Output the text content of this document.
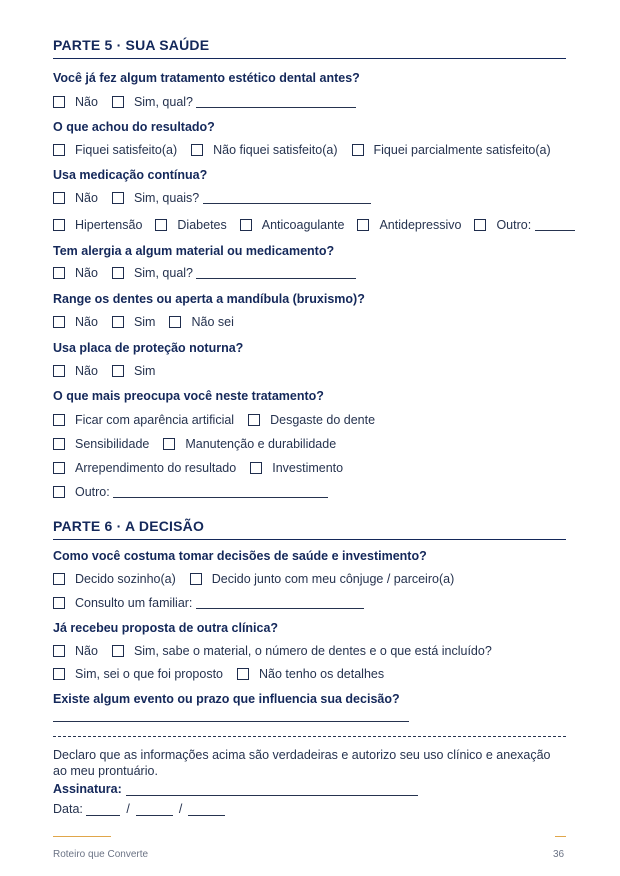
PARTE 5 · SUA SAÚDE
Você já fez algum tratamento estético dental antes?
Não	Sim, qual?

O que achou do resultado?
Fiquei satisfeito(a)	Não fiquei satisfeito(a)	Fiquei parcialmente satisfeito(a)
Usa medicação contínua?
Não	Sim, quais?

Hipertensão	Diabetes	Anticoagulante	Antidepressivo	Outro:

Tem alergia a algum material ou medicamento?
Não	Sim, qual?

Range os dentes ou aperta a mandíbula (bruxismo)?
Não	Sim	Não sei
Usa placa de proteção noturna?
Não	Sim
O que mais preocupa você neste tratamento?
Ficar com aparência artificial	Desgaste do dente
Sensibilidade	Manutenção e durabilidade
Arrependimento do resultado	Investimento
Outro:

PARTE 6 · A DECISÃO
Como você costuma tomar decisões de saúde e investimento?
Decido sozinho(a)	Decido junto com meu cônjuge / parceiro(a)
Consulto um familiar:

Já recebeu proposta de outra clínica?
Não	Sim, sabe o material, o número de dentes e o que está incluído?
Sim, sei o que foi proposto	Não tenho os detalhes
Existe algum evento ou prazo que influencia sua decisão?
Declaro que as informações acima são verdadeiras e autorizo seu uso clínico e anexação ao meu prontuário.
Assinatura:
Data:
	/	/
Roteiro que Converte	36
